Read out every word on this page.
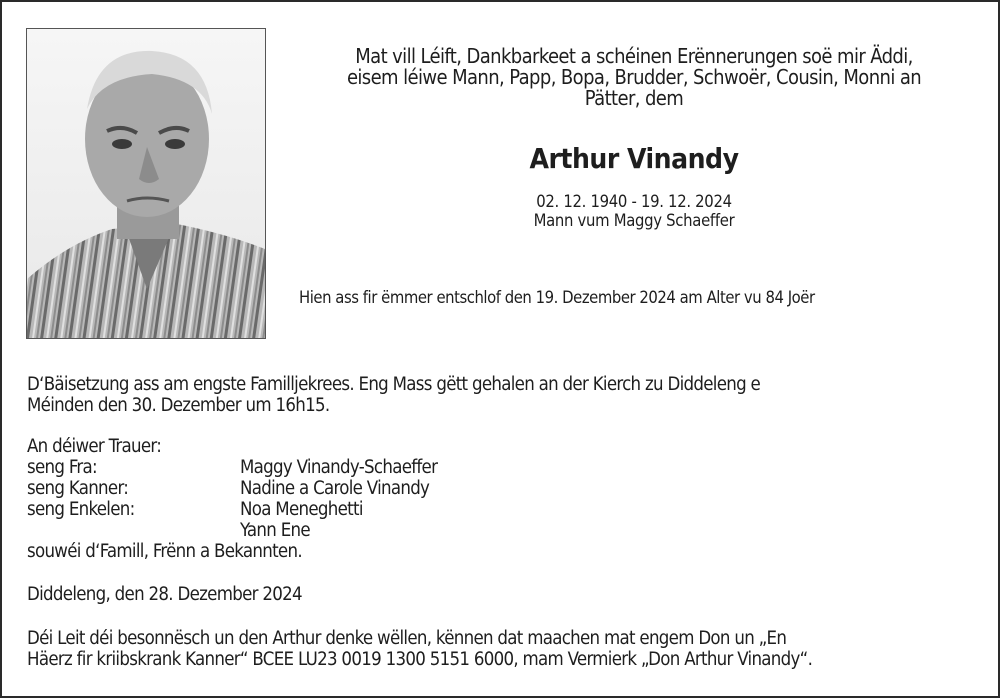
Mat vill Léift, Dankbarkeet a schéinen Erënnerungen soë mir Äddi,
eisem léiwe Mann, Papp, Bopa, Brudder, Schwoër, Cousin, Monni an
Pätter, dem
Arthur Vinandy
02. 12. 1940 - 19. 12. 2024
Mann vum Maggy Schaeffer
Hien ass fir ëmmer entschlof den 19. Dezember 2024 am Alter vu 84 Joër
D‘Bäisetzung ass am engste Familljekrees. Eng Mass gëtt gehalen an der Kierch zu Diddeleng e
Méinden den 30. Dezember um 16h15.
An déiwer Trauer:
seng Fra:	Maggy Vinandy-Schaeffer
seng Kanner:	Nadine a Carole Vinandy
seng Enkelen:	Noa Meneghetti
Yann Ene
souwéi d‘Famill, Frënn a Bekannten.
Diddeleng, den 28. Dezember 2024
Déi Leit déi besonnësch un den Arthur denke wëllen, kënnen dat maachen mat engem Don un „En
Häerz fir kriibskrank Kanner“ BCEE LU23 0019 1300 5151 6000, mam Vermierk „Don Arthur Vinandy“.
